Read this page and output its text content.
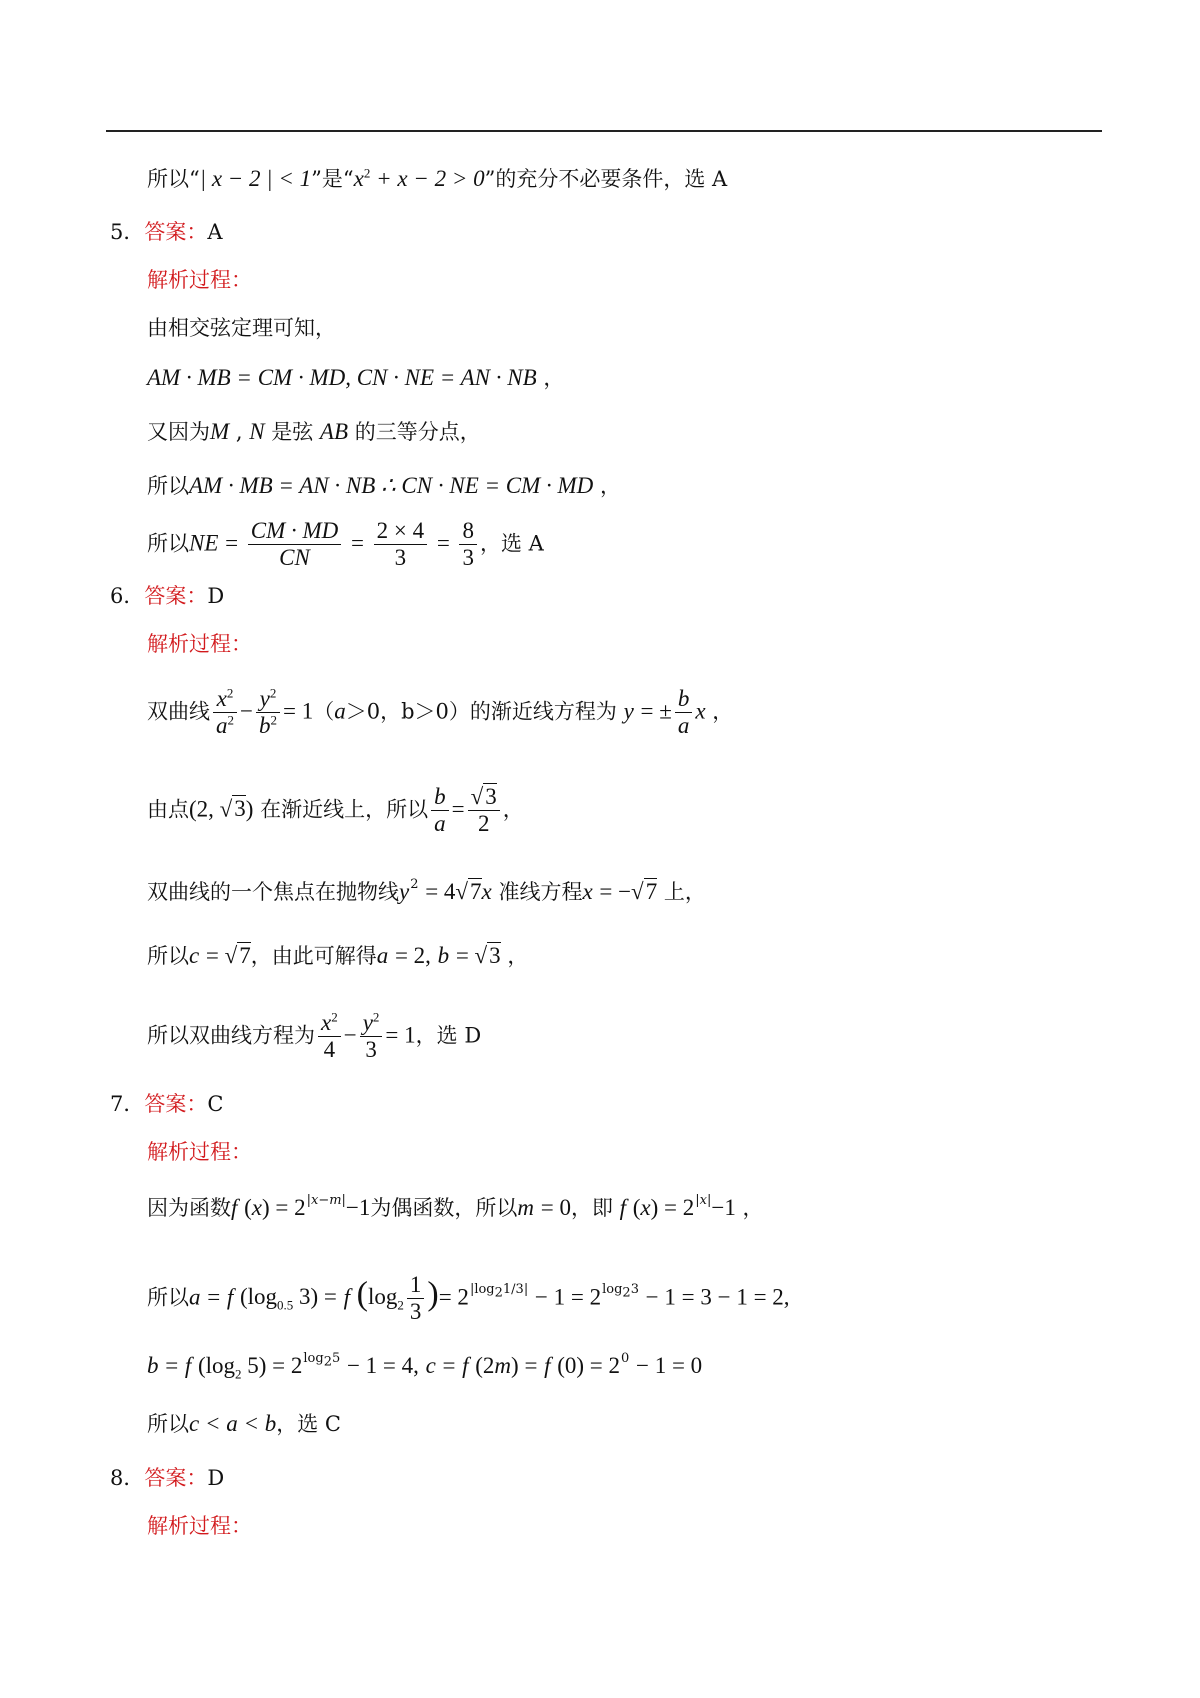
所以“| x − 2 | < 1”是“$x^2 + x - 2 > 0$”的充分不必要条件，选 A
5．答案：A
解析过程：
由相交弦定理可知，
AM · MB = CM · MD, CN · NE = AN · NB ，
又因为M , N 是弦 AB 的三等分点，
所以AM · MB = AN · NB ∴ CN · NE = CM · MD ，
所以NE = $\frac{CM \cdot MD}{CN} = \frac{2 \times 4}{3} = \frac{8}{3}$ ，选 A
6．答案：D
解析过程：
双曲线 $\frac{x^2}{a^2} - \frac{y^2}{b^2} = 1(a>0$，b＞0）的渐近线方程为 y = ± $\frac{b}{a}$ x ，
由点(2, √3) 在渐近线上，所以 $\frac{b}{a} = \frac{√3}{2}$ ，
双曲线的一个焦点在抛物线$y^2 = 4√7x$ 准线方程x = −√7 上，
所以c = √7，由此可解得a = 2, b = √3 ，
所以双曲线方程为 $\frac{x^2}{4} - \frac{y^2}{3} = 1$，选 D
7．答案：C
解析过程：
因为函数f $(x) = 2^{|x-m|}-1$为偶函数，所以m = 0，即 f $(x) = 2^{|x|}-1$ ，
所以a = f ($\log_{0.5}$ 3) = f ($\log_2 \frac{1}{3}$ )= $2^{|log_21/3|} - 1 = 2^{log_23} - 1 = 3 - 1 = 2$,
b = f ($\log_2$ $5) = 2^{log_25} - 1 = 4$, c = f (2m) = f $(0) = 2^0 - 1 = 0$
所以c < a < b，选 C
8．答案：D
解析过程：
